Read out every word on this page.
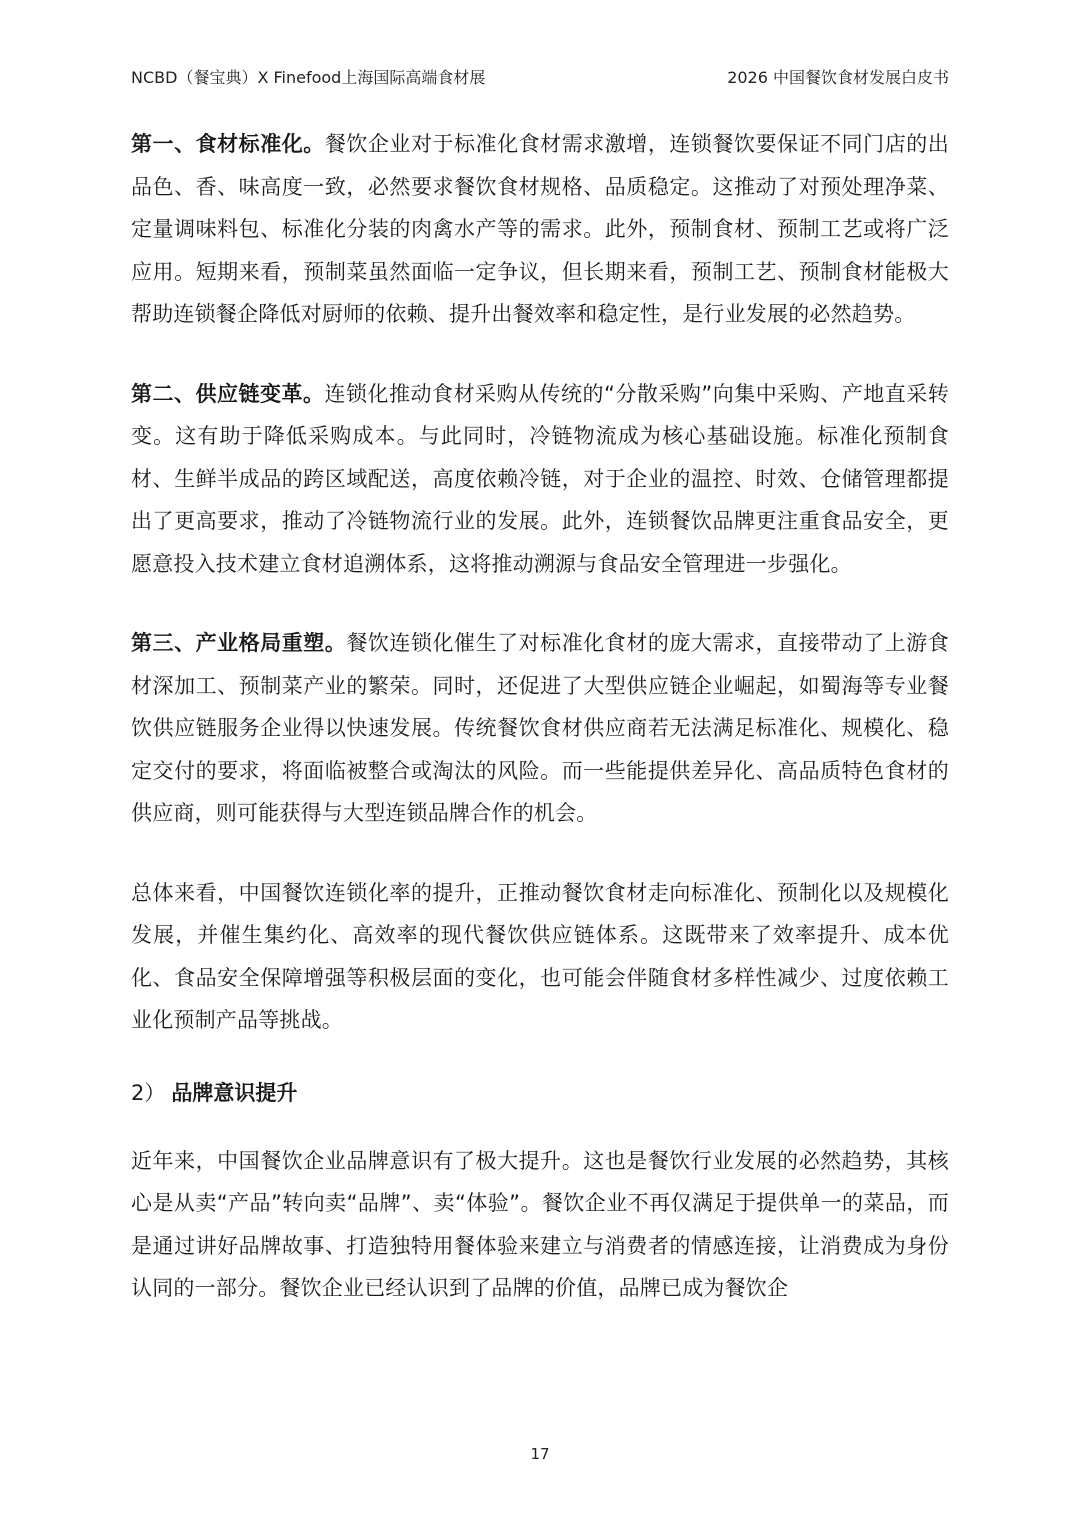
NCBD（餐宝典）X Finefood上海国际高端食材展	2026 中国餐饮食材发展白皮书

第一、食材标准化。餐饮企业对于标准化食材需求激增，连锁餐饮要保证不同门店的出品色、香、味高度一致，必然要求餐饮食材规格、品质稳定。这推动了对预处理净菜、定量调味料包、标准化分装的肉禽水产等的需求。此外，预制食材、预制工艺或将广泛应用。短期来看，预制菜虽然面临一定争议，但长期来看，预制工艺、预制食材能极大帮助连锁餐企降低对厨师的依赖、提升出餐效率和稳定性，是行业发展的必然趋势。

第二、供应链变革。连锁化推动食材采购从传统的“分散采购”向集中采购、产地直采转变。这有助于降低采购成本。与此同时，冷链物流成为核心基础设施。标准化预制食材、生鲜半成品的跨区域配送，高度依赖冷链，对于企业的温控、时效、仓储管理都提出了更高要求，推动了冷链物流行业的发展。此外，连锁餐饮品牌更注重食品安全，更愿意投入技术建立食材追溯体系，这将推动溯源与食品安全管理进一步强化。

第三、产业格局重塑。餐饮连锁化催生了对标准化食材的庞大需求，直接带动了上游食材深加工、预制菜产业的繁荣。同时，还促进了大型供应链企业崛起，如蜀海等专业餐饮供应链服务企业得以快速发展。传统餐饮食材供应商若无法满足标准化、规模化、稳定交付的要求，将面临被整合或淘汰的风险。而一些能提供差异化、高品质特色食材的供应商，则可能获得与大型连锁品牌合作的机会。

总体来看，中国餐饮连锁化率的提升，正推动餐饮食材走向标准化、预制化以及规模化发展，并催生集约化、高效率的现代餐饮供应链体系。这既带来了效率提升、成本优化、食品安全保障增强等积极层面的变化，也可能会伴随食材多样性减少、过度依赖工业化预制产品等挑战。

2） 品牌意识提升

近年来，中国餐饮企业品牌意识有了极大提升。这也是餐饮行业发展的必然趋势，其核心是从卖“产品”转向卖“品牌”、卖“体验”。餐饮企业不再仅满足于提供单一的菜品，而是通过讲好品牌故事、打造独特用餐体验来建立与消费者的情感连接，让消费成为身份认同的一部分。餐饮企业已经认识到了品牌的价值，品牌已成为餐饮企

17
